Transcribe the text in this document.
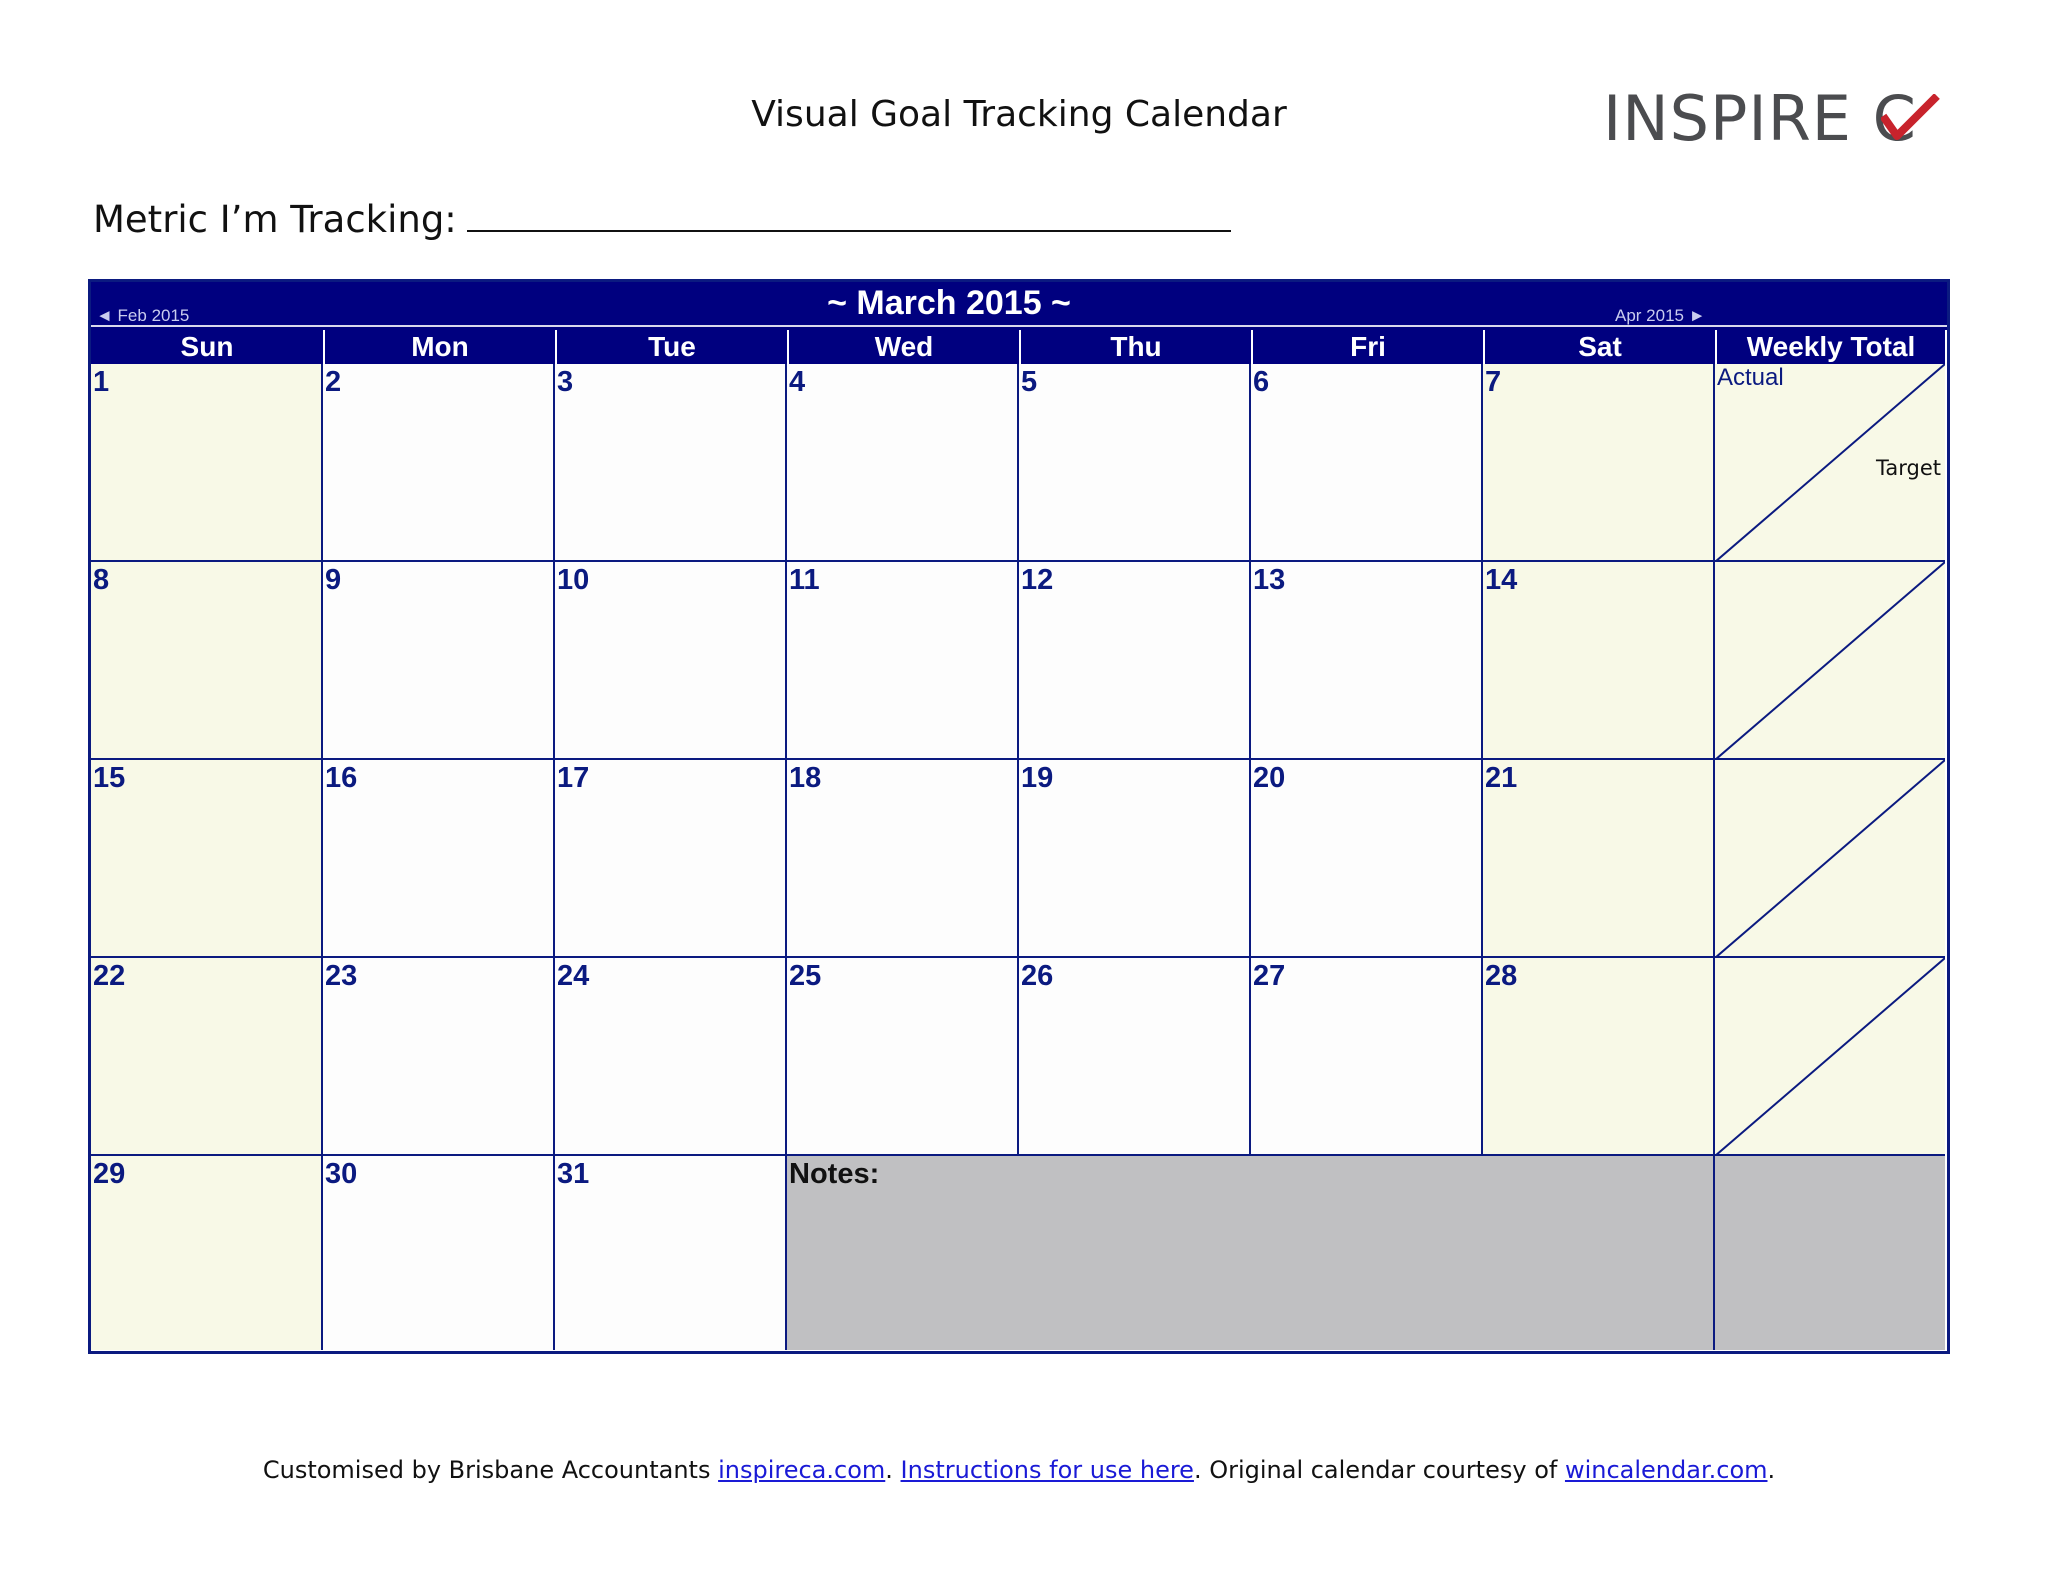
Visual Goal Tracking Calendar	INSPIRE C
Metric I’m Tracking:
◄ Feb 2015	~ March 2015 ~	Apr 2015 ►
Sun	Mon	Tue	Wed	Thu	Fri	Sat	Weekly Total
1	2	3	4	5	6	7	Actual
Target
8	9	10	11	12	13	14
15	16	17	18	19	20	21
22	23	24	25	26	27	28
29	30	31	Notes:
Customised by Brisbane Accountants inspireca.com. Instructions for use here. Original calendar courtesy of wincalendar.com.
